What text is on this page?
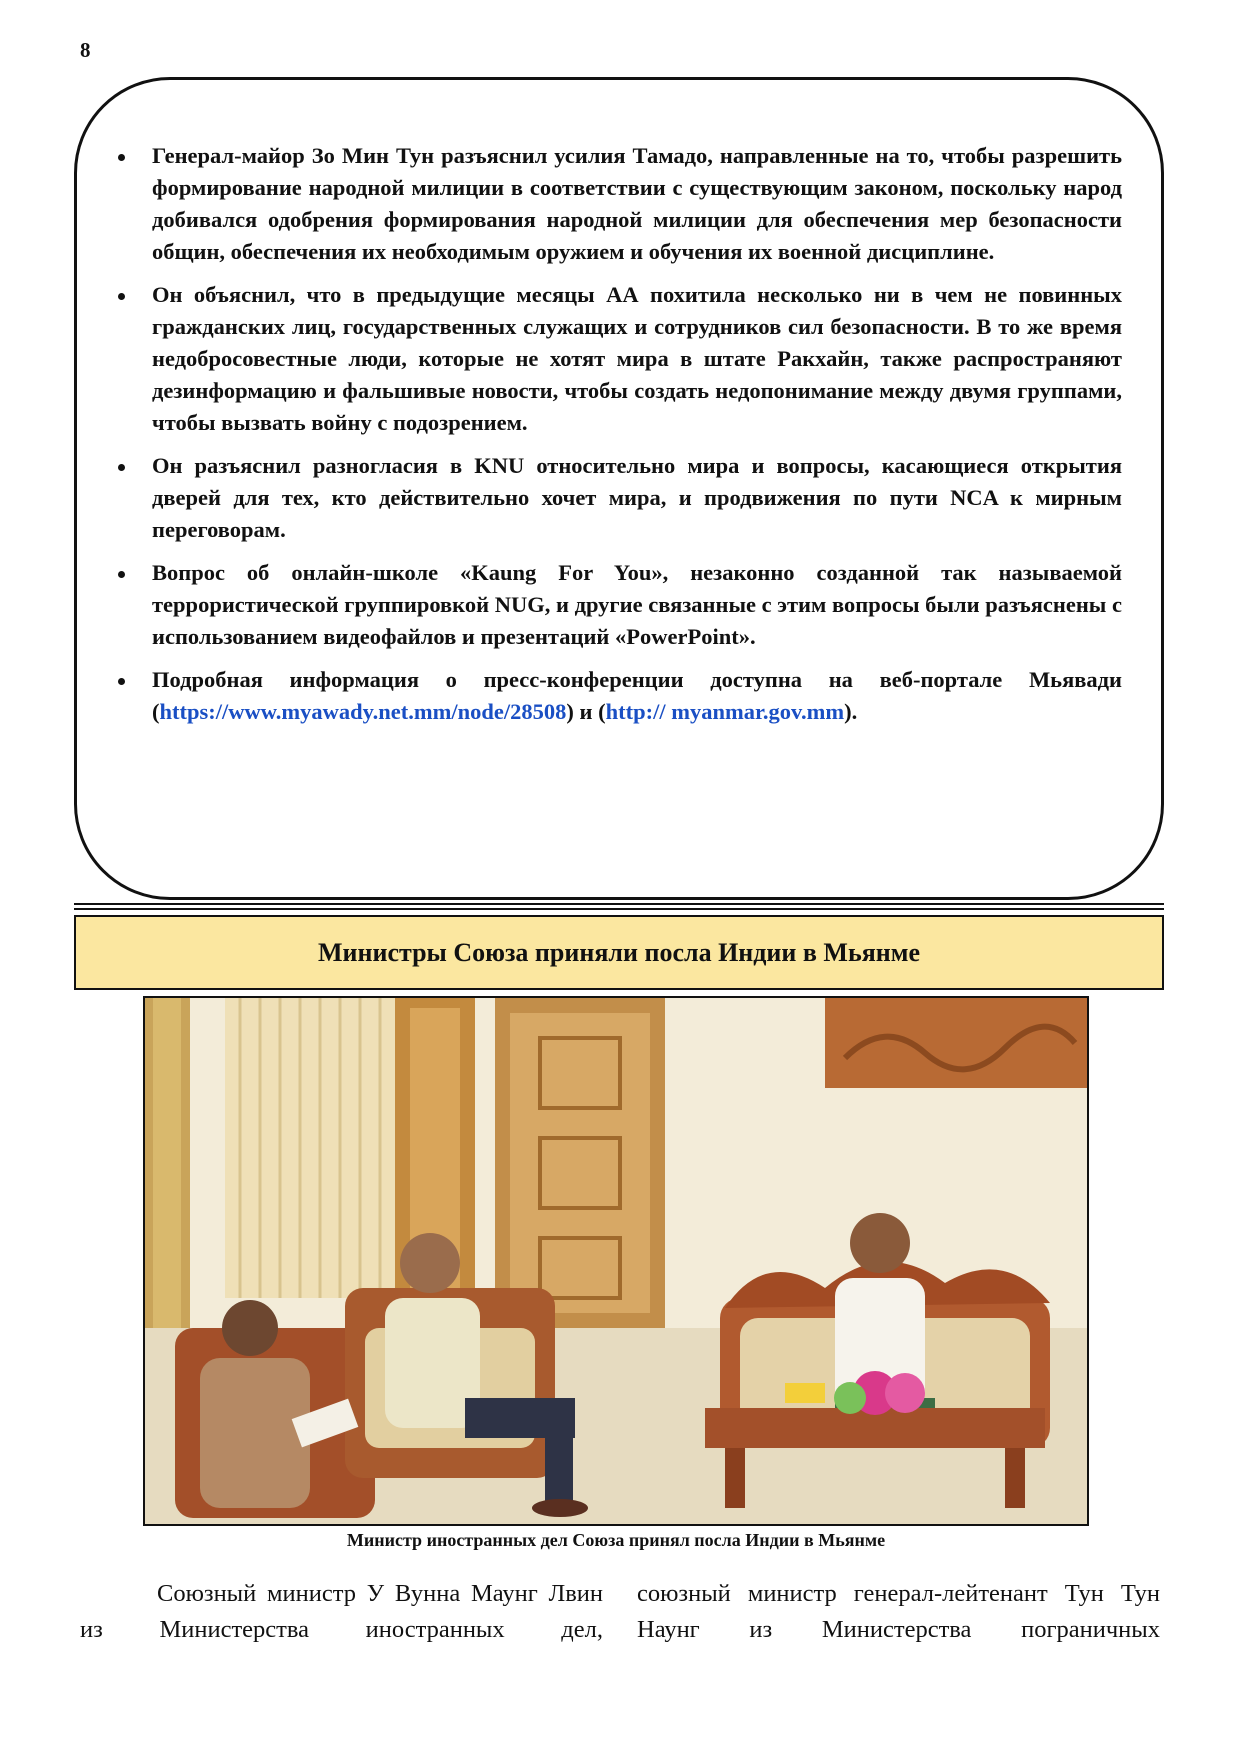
8
Генерал-майор Зо Мин Тун разъяснил усилия Тамадо, направленные на то, чтобы разрешить формирование народной милиции в соответствии с существующим законом, поскольку народ добивался одобрения формирования народной милиции для обеспечения мер безопасности общин, обеспечения их необходимым оружием и обучения их военной дисциплине.
Он объяснил, что в предыдущие месяцы АА похитила несколько ни в чем не повинных гражданских лиц, государственных служащих и сотрудников сил безопасности. В то же время недобросовестные люди, которые не хотят мира в штате Ракхайн, также распространяют дезинформацию и фальшивые новости, чтобы создать недопонимание между двумя группами, чтобы вызвать войну с подозрением.
Он разъяснил разногласия в KNU относительно мира и вопросы, касающиеся открытия дверей для тех, кто действительно хочет мира, и продвижения по пути NCA к мирным переговорам.
Вопрос об онлайн-школе «Kaung For You», незаконно созданной так называемой террористической группировкой NUG, и другие связанные с этим вопросы были разъяснены с использованием видеофайлов и презентаций «PowerPoint».
Подробная информация о пресс-конференции доступна на веб-портале Мьявади (https://www.myawady.net.mm/node/28508) и (http:// myanmar.gov.mm).
Министры Союза приняли посла Индии в Мьянме
Министр иностранных дел Союза принял посла Индии в Мьянме
Союзный министр У Вунна Маунг Лвин из Министерства иностранных дел,
союзный министр генерал-лейтенант Тун Тун Наунг из Министерства пограничных
